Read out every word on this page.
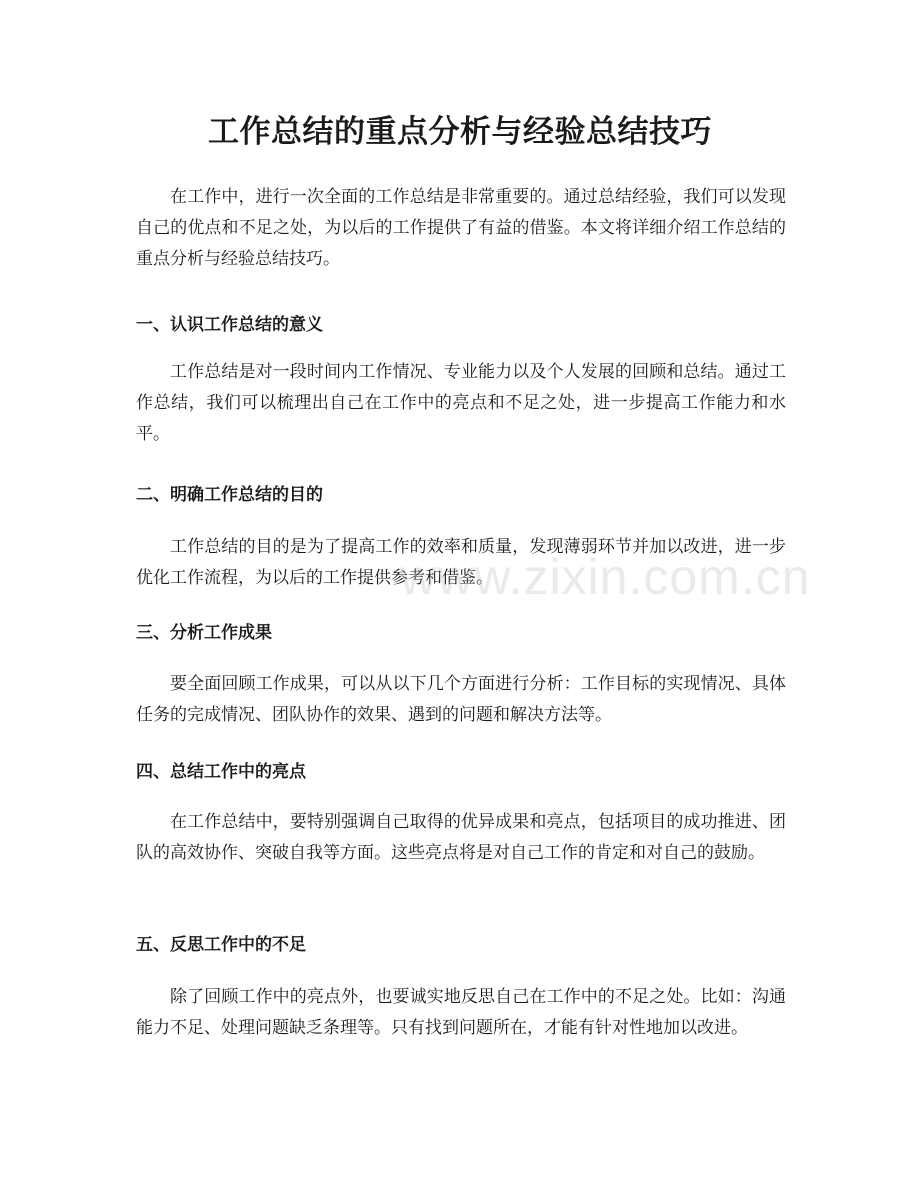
工作总结的重点分析与经验总结技巧

在工作中，进行一次全面的工作总结是非常重要的。通过总结经验，我们可以发现自己的优点和不足之处，为以后的工作提供了有益的借鉴。本文将详细介绍工作总结的重点分析与经验总结技巧。

一、认识工作总结的意义

工作总结是对一段时间内工作情况、专业能力以及个人发展的回顾和总结。通过工作总结，我们可以梳理出自己在工作中的亮点和不足之处，进一步提高工作能力和水平。

二、明确工作总结的目的

工作总结的目的是为了提高工作的效率和质量，发现薄弱环节并加以改进，进一步优化工作流程，为以后的工作提供参考和借鉴。

三、分析工作成果

要全面回顾工作成果，可以从以下几个方面进行分析：工作目标的实现情况、具体任务的完成情况、团队协作的效果、遇到的问题和解决方法等。

四、总结工作中的亮点

在工作总结中，要特别强调自己取得的优异成果和亮点，包括项目的成功推进、团队的高效协作、突破自我等方面。这些亮点将是对自己工作的肯定和对自己的鼓励。

五、反思工作中的不足

除了回顾工作中的亮点外，也要诚实地反思自己在工作中的不足之处。比如：沟通能力不足、处理问题缺乏条理等。只有找到问题所在，才能有针对性地加以改进。

www.zixin.com.cn
